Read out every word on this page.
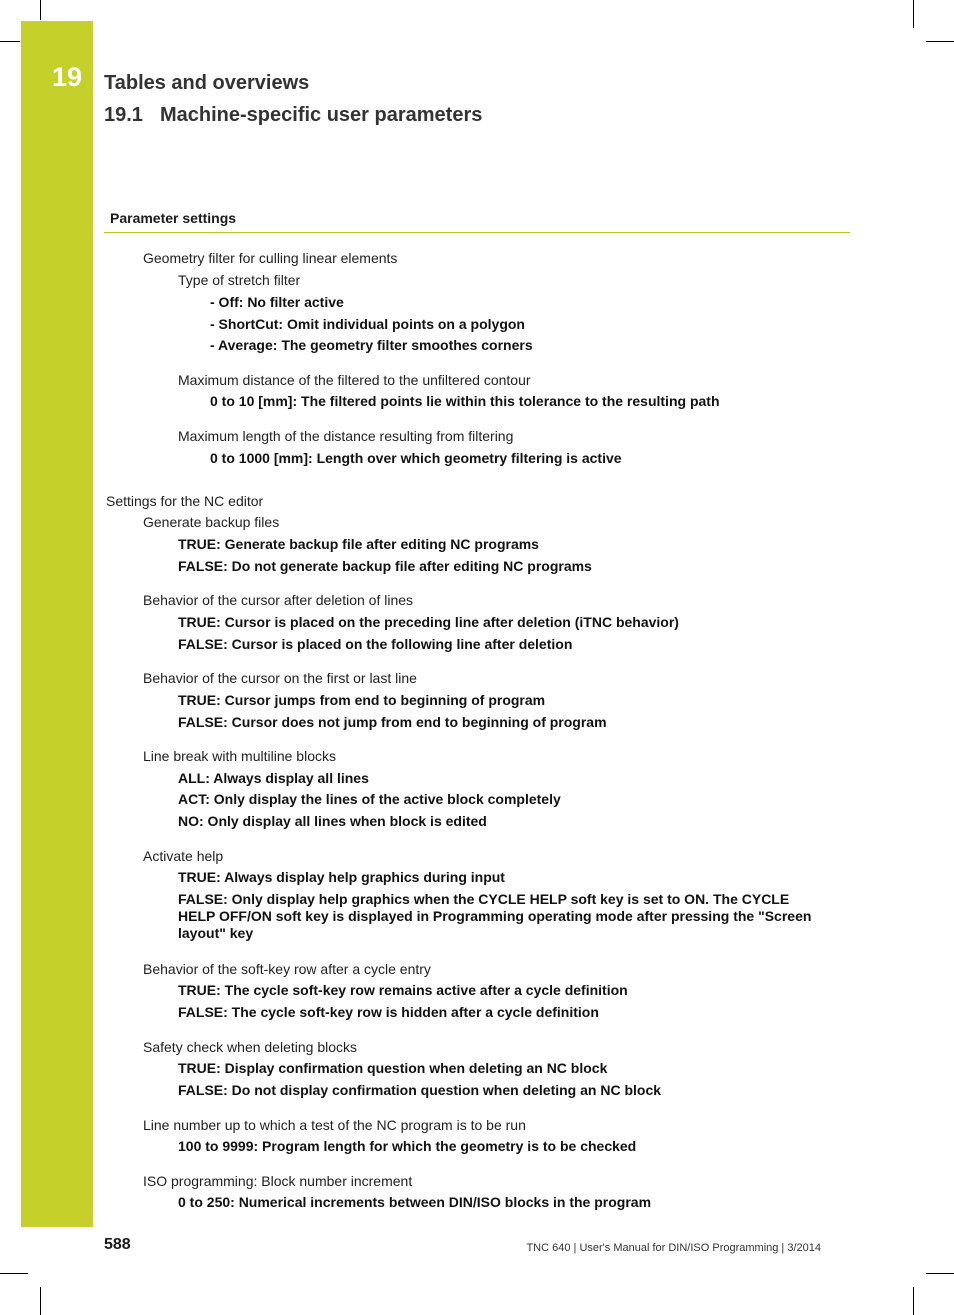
19 Tables and overviews
19.1 Machine-specific user parameters
Parameter settings
Geometry filter for culling linear elements
Type of stretch filter
- Off: No filter active
- ShortCut: Omit individual points on a polygon
- Average: The geometry filter smoothes corners
Maximum distance of the filtered to the unfiltered contour
0 to 10 [mm]: The filtered points lie within this tolerance to the resulting path
Maximum length of the distance resulting from filtering
0 to 1000 [mm]: Length over which geometry filtering is active
Settings for the NC editor
Generate backup files
TRUE: Generate backup file after editing NC programs
FALSE: Do not generate backup file after editing NC programs
Behavior of the cursor after deletion of lines
TRUE: Cursor is placed on the preceding line after deletion (iTNC behavior)
FALSE: Cursor is placed on the following line after deletion
Behavior of the cursor on the first or last line
TRUE: Cursor jumps from end to beginning of program
FALSE: Cursor does not jump from end to beginning of program
Line break with multiline blocks
ALL: Always display all lines
ACT: Only display the lines of the active block completely
NO: Only display all lines when block is edited
Activate help
TRUE: Always display help graphics during input
FALSE: Only display help graphics when the CYCLE HELP soft key is set to ON. The CYCLE HELP OFF/ON soft key is displayed in Programming operating mode after pressing the "Screen layout" key
Behavior of the soft-key row after a cycle entry
TRUE: The cycle soft-key row remains active after a cycle definition
FALSE: The cycle soft-key row is hidden after a cycle definition
Safety check when deleting blocks
TRUE: Display confirmation question when deleting an NC block
FALSE: Do not display confirmation question when deleting an NC block
Line number up to which a test of the NC program is to be run
100 to 9999: Program length for which the geometry is to be checked
ISO programming: Block number increment
0 to 250: Numerical increments between DIN/ISO blocks in the program
588	TNC 640 | User's Manual for DIN/ISO Programming | 3/2014
